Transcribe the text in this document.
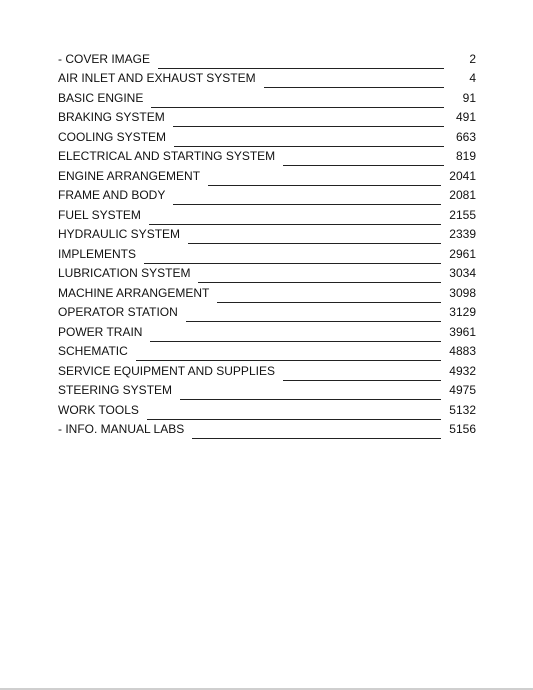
- COVER IMAGE	2
AIR INLET AND EXHAUST SYSTEM	4
BASIC ENGINE	91
BRAKING SYSTEM	491
COOLING SYSTEM	663
ELECTRICAL AND STARTING SYSTEM	819
ENGINE ARRANGEMENT	2041
FRAME AND BODY	2081
FUEL SYSTEM	2155
HYDRAULIC SYSTEM	2339
IMPLEMENTS	2961
LUBRICATION SYSTEM	3034
MACHINE ARRANGEMENT	3098
OPERATOR STATION	3129
POWER TRAIN	3961
SCHEMATIC	4883
SERVICE EQUIPMENT AND SUPPLIES	4932
STEERING SYSTEM	4975
WORK TOOLS	5132
- INFO. MANUAL LABS	5156
